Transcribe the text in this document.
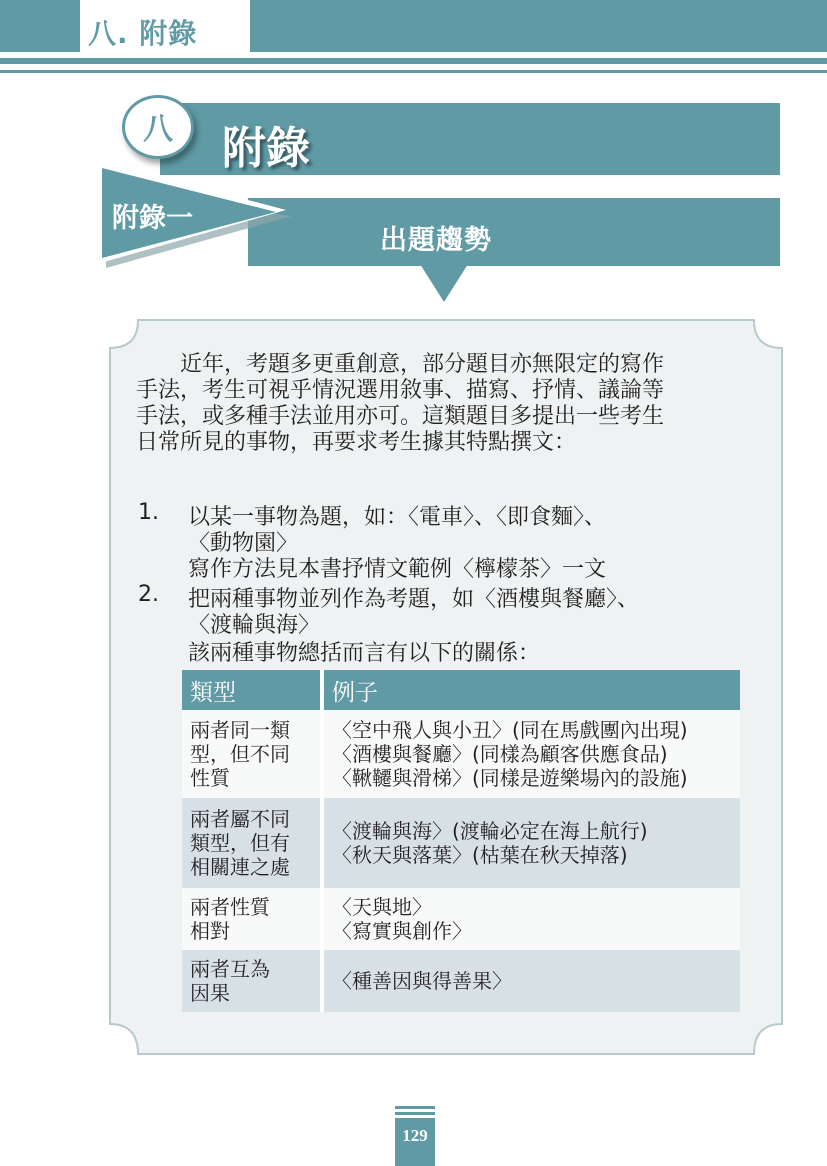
八. 附錄
八	附錄
附錄一
出題趨勢
近年，考題多更重創意，部分題目亦無限定的寫作
手法，考生可視乎情況選用敘事、描寫、抒情、議論等
手法，或多種手法並用亦可。這類題目多提出一些考生
日常所見的事物，再要求考生據其特點撰文：
1. 以某一事物為題，如：〈電車〉、〈即食麵〉、
〈動物園〉
寫作方法見本書抒情文範例〈檸檬茶〉一文
2. 把兩種事物並列作為考題，如〈酒樓與餐廳〉、
〈渡輪與海〉
該兩種事物總括而言有以下的關係：
類型	例子

兩者同一類
型，但不同
性質	〈空中飛人與小丑〉(同在馬戲團內出現)
〈酒樓與餐廳〉(同樣為顧客供應食品)
〈鞦韆與滑梯〉(同樣是遊樂場內的設施)

兩者屬不同
類型，但有
相關連之處	〈渡輪與海〉(渡輪必定在海上航行)
〈秋天與落葉〉(枯葉在秋天掉落)

兩者性質
相對	〈天與地〉
〈寫實與創作〉

兩者互為
因果	〈種善因與得善果〉
129
